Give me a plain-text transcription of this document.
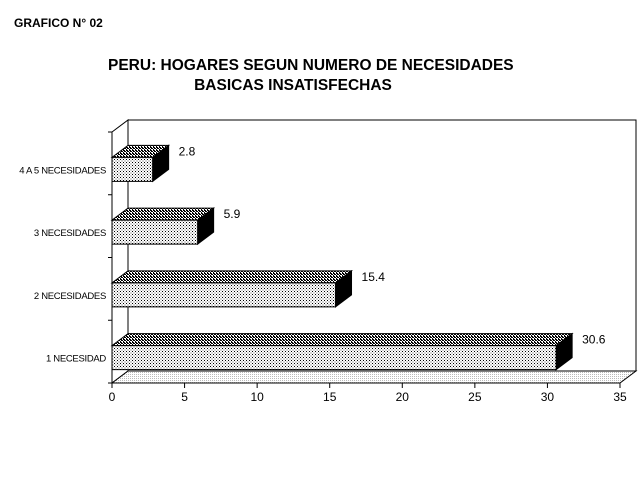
GRAFICO N° 02
PERU: HOGARES SEGUN NUMERO DE NECESIDADES
BASICAS INSATISFECHAS
30.6
1 NECESIDAD
15.4
2 NECESIDADES
5.9
3 NECESIDADES
2.8
4 A 5 NECESIDADES
0	5	10	15	20	25	30	35
